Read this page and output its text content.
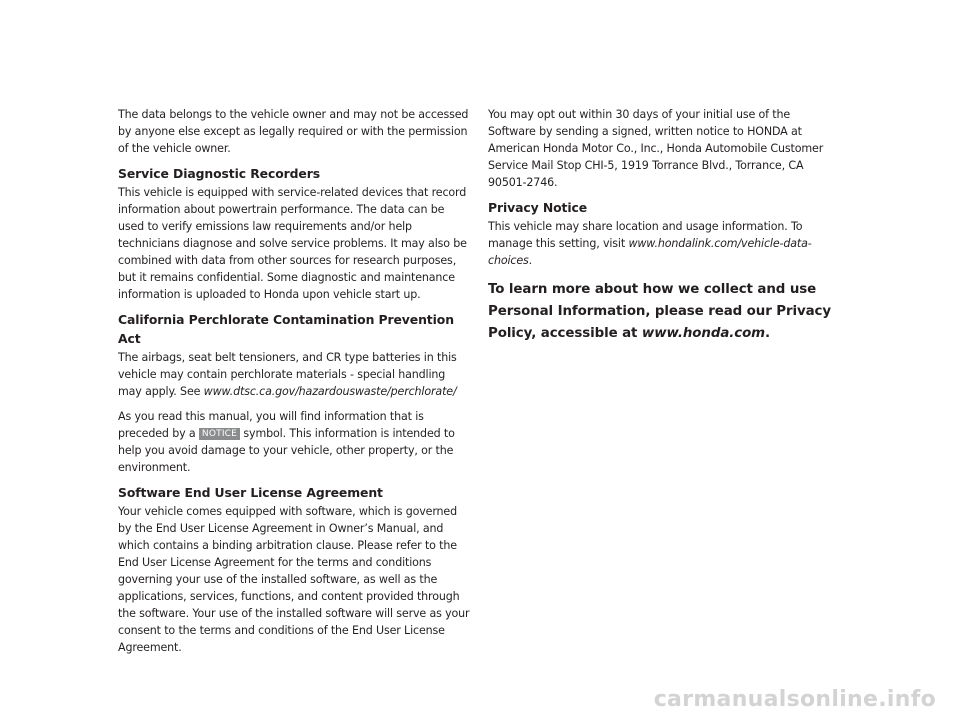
The data belongs to the vehicle owner and may not be accessed by anyone else except as legally required or with the permission of the vehicle owner.

Service Diagnostic Recorders

This vehicle is equipped with service-related devices that record information about powertrain performance. The data can be used to verify emissions law requirements and/or help technicians diagnose and solve service problems. It may also be combined with data from other sources for research purposes, but it remains confidential. Some diagnostic and maintenance information is uploaded to Honda upon vehicle start up.

California Perchlorate Contamination Prevention Act

The airbags, seat belt tensioners, and CR type batteries in this vehicle may contain perchlorate materials - special handling may apply. See www.dtsc.ca.gov/hazardouswaste/perchlorate/

As you read this manual, you will find information that is preceded by a NOTICE symbol. This information is intended to help you avoid damage to your vehicle, other property, or the environment.

Software End User License Agreement

Your vehicle comes equipped with software, which is governed by the End User License Agreement in Owner’s Manual, and which contains a binding arbitration clause. Please refer to the End User License Agreement for the terms and conditions governing your use of the installed software, as well as the applications, services, functions, and content provided through the software. Your use of the installed software will serve as your consent to the terms and conditions of the End User License Agreement.

You may opt out within 30 days of your initial use of the Software by sending a signed, written notice to HONDA at American Honda Motor Co., Inc., Honda Automobile Customer Service Mail Stop CHI-5, 1919 Torrance Blvd., Torrance, CA 90501-2746.

Privacy Notice

This vehicle may share location and usage information. To manage this setting, visit www.hondalink.com/vehicle-data-choices.

To learn more about how we collect and use Personal Information, please read our Privacy Policy, accessible at www.honda.com.

carmanualsonline.info
